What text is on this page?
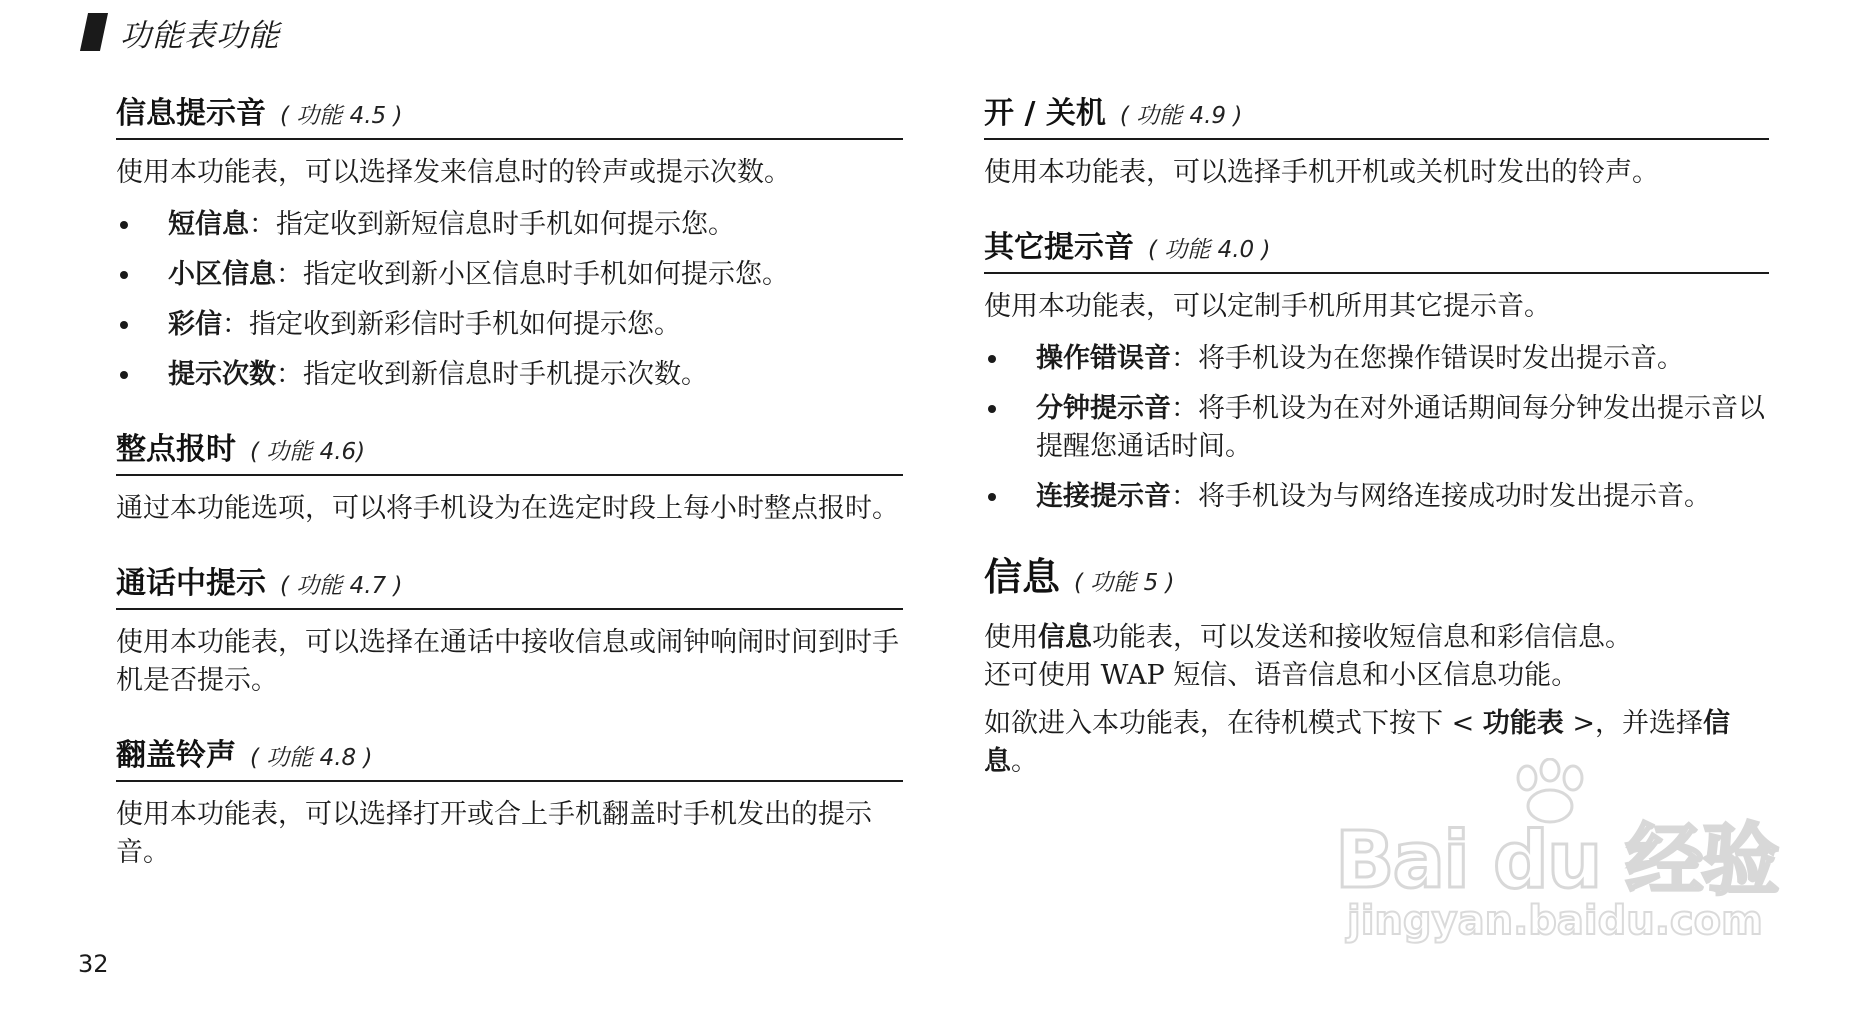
功能表功能
信息提示音 ( 功能 4.5 )

使用本功能表，可以选择发来信息时的铃声或提示次数。

短信息：指定收到新短信息时手机如何提示您。
小区信息：指定收到新小区信息时手机如何提示您。
彩信：指定收到新彩信时手机如何提示您。
提示次数：指定收到新信息时手机提示次数。
整点报时 ( 功能 4.6)

通过本功能选项，可以将手机设为在选定时段上每小时整点报时。

通话中提示 ( 功能 4.7 )

使用本功能表，可以选择在通话中接收信息或闹钟响闹时间到时手机是否提示。

翻盖铃声 ( 功能 4.8 )

使用本功能表，可以选择打开或合上手机翻盖时手机发出的提示音。

开 / 关机 ( 功能 4.9 )

使用本功能表，可以选择手机开机或关机时发出的铃声。

其它提示音 ( 功能 4.0 )

使用本功能表，可以定制手机所用其它提示音。

操作错误音：将手机设为在您操作错误时发出提示音。
分钟提示音：将手机设为在对外通话期间每分钟发出提示音以提醒您通话时间。
连接提示音：将手机设为与网络连接成功时发出提示音。
信息 ( 功能 5 )

使用信息功能表，可以发送和接收短信息和彩信信息。
还可使用 WAP 短信、语音信息和小区信息功能。

如欲进入本功能表，在待机模式下按下 < 功能表 >，并选择信息。

32
Bai du 经验
jingyan.baidu.com
